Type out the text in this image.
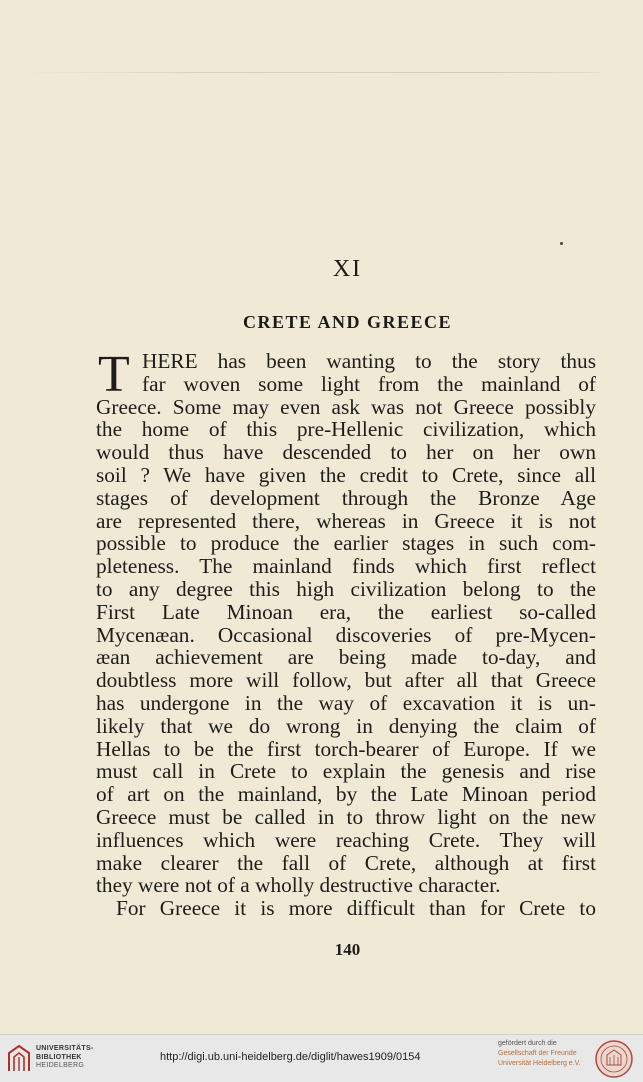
XI
CRETE AND GREECE
T HERE has been wanting to the story thus
far woven some light from the mainland of
Greece. Some may even ask was not Greece possibly
the home of this pre-Hellenic civilization, which
would thus have descended to her on her own
soil ? We have given the credit to Crete, since all
stages of development through the Bronze Age
are represented there, whereas in Greece it is not
possible to produce the earlier stages in such com-
pleteness. The mainland finds which first reflect
to any degree this high civilization belong to the
First Late Minoan era, the earliest so-called
Mycenæan. Occasional discoveries of pre-Mycen-
æan achievement are being made to-day, and
doubtless more will follow, but after all that Greece
has undergone in the way of excavation it is un-
likely that we do wrong in denying the claim of
Hellas to be the first torch-bearer of Europe. If we
must call in Crete to explain the genesis and rise
of art on the mainland, by the Late Minoan period
Greece must be called in to throw light on the new
influences which were reaching Crete. They will
make clearer the fall of Crete, although at first
they were not of a wholly destructive character.
For Greece it is more difficult than for Crete to
140
UNIVERSITÄTS-
BIBLIOTHEK
HEIDELBERG
http://digi.ub.uni-heidelberg.de/diglit/hawes1909/0154
gefördert durch die
Gesellschaft der Freunde
Universität Heidelberg e.V.
